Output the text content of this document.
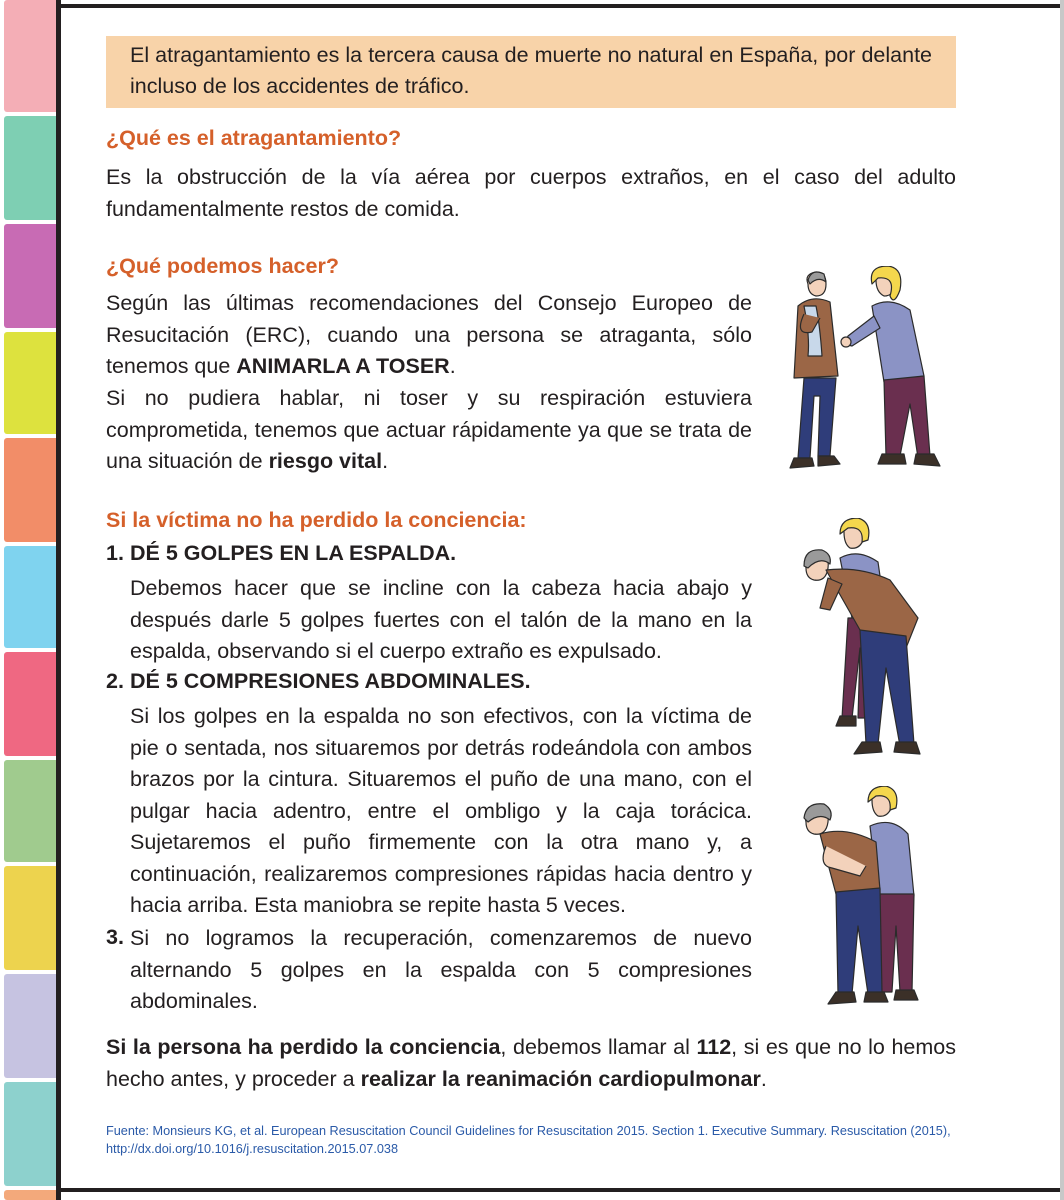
El atragantamiento es la tercera causa de muerte no natural en España, por delante incluso de los accidentes de tráfico.
¿Qué es el atragantamiento?
Es la obstrucción de la vía aérea por cuerpos extraños, en el caso del adulto fundamentalmente restos de comida.
¿Qué podemos hacer?
Según las últimas recomendaciones del Consejo Europeo de Resucitación (ERC), cuando una persona se atraganta, sólo tenemos que ANIMARLA A TOSER.
Si no pudiera hablar, ni toser y su respiración estuviera comprometida, tenemos que actuar rápidamente ya que se trata de una situación de riesgo vital.
Si la víctima no ha perdido la conciencia:
1. DÉ 5 GOLPES EN LA ESPALDA.
Debemos hacer que se incline con la cabeza hacia abajo y después darle 5 golpes fuertes con el talón de la mano en la espalda, observando si el cuerpo extraño es expulsado.
2. DÉ 5 COMPRESIONES ABDOMINALES.
Si los golpes en la espalda no son efectivos, con la víctima de pie o sentada, nos situaremos por detrás rodeándola con ambos brazos por la cintura. Situaremos el puño de una mano, con el pulgar hacia adentro, entre el ombligo y la caja torácica. Sujetaremos el puño firmemente con la otra mano y, a continuación, realizaremos compresiones rápidas hacia dentro y hacia arriba. Esta maniobra se repite hasta 5 veces.
3. Si no logramos la recuperación, comenzaremos de nuevo alternando 5 golpes en la espalda con 5 compresiones abdominales.
Si la persona ha perdido la conciencia, debemos llamar al 112, si es que no lo hemos hecho antes, y proceder a realizar la reanimación cardiopulmonar.
Fuente: Monsieurs KG, et al. European Resuscitation Council Guidelines for Resuscitation 2015. Section 1. Executive Summary. Resuscitation (2015), http://dx.doi.org/10.1016/j.resuscitation.2015.07.038
